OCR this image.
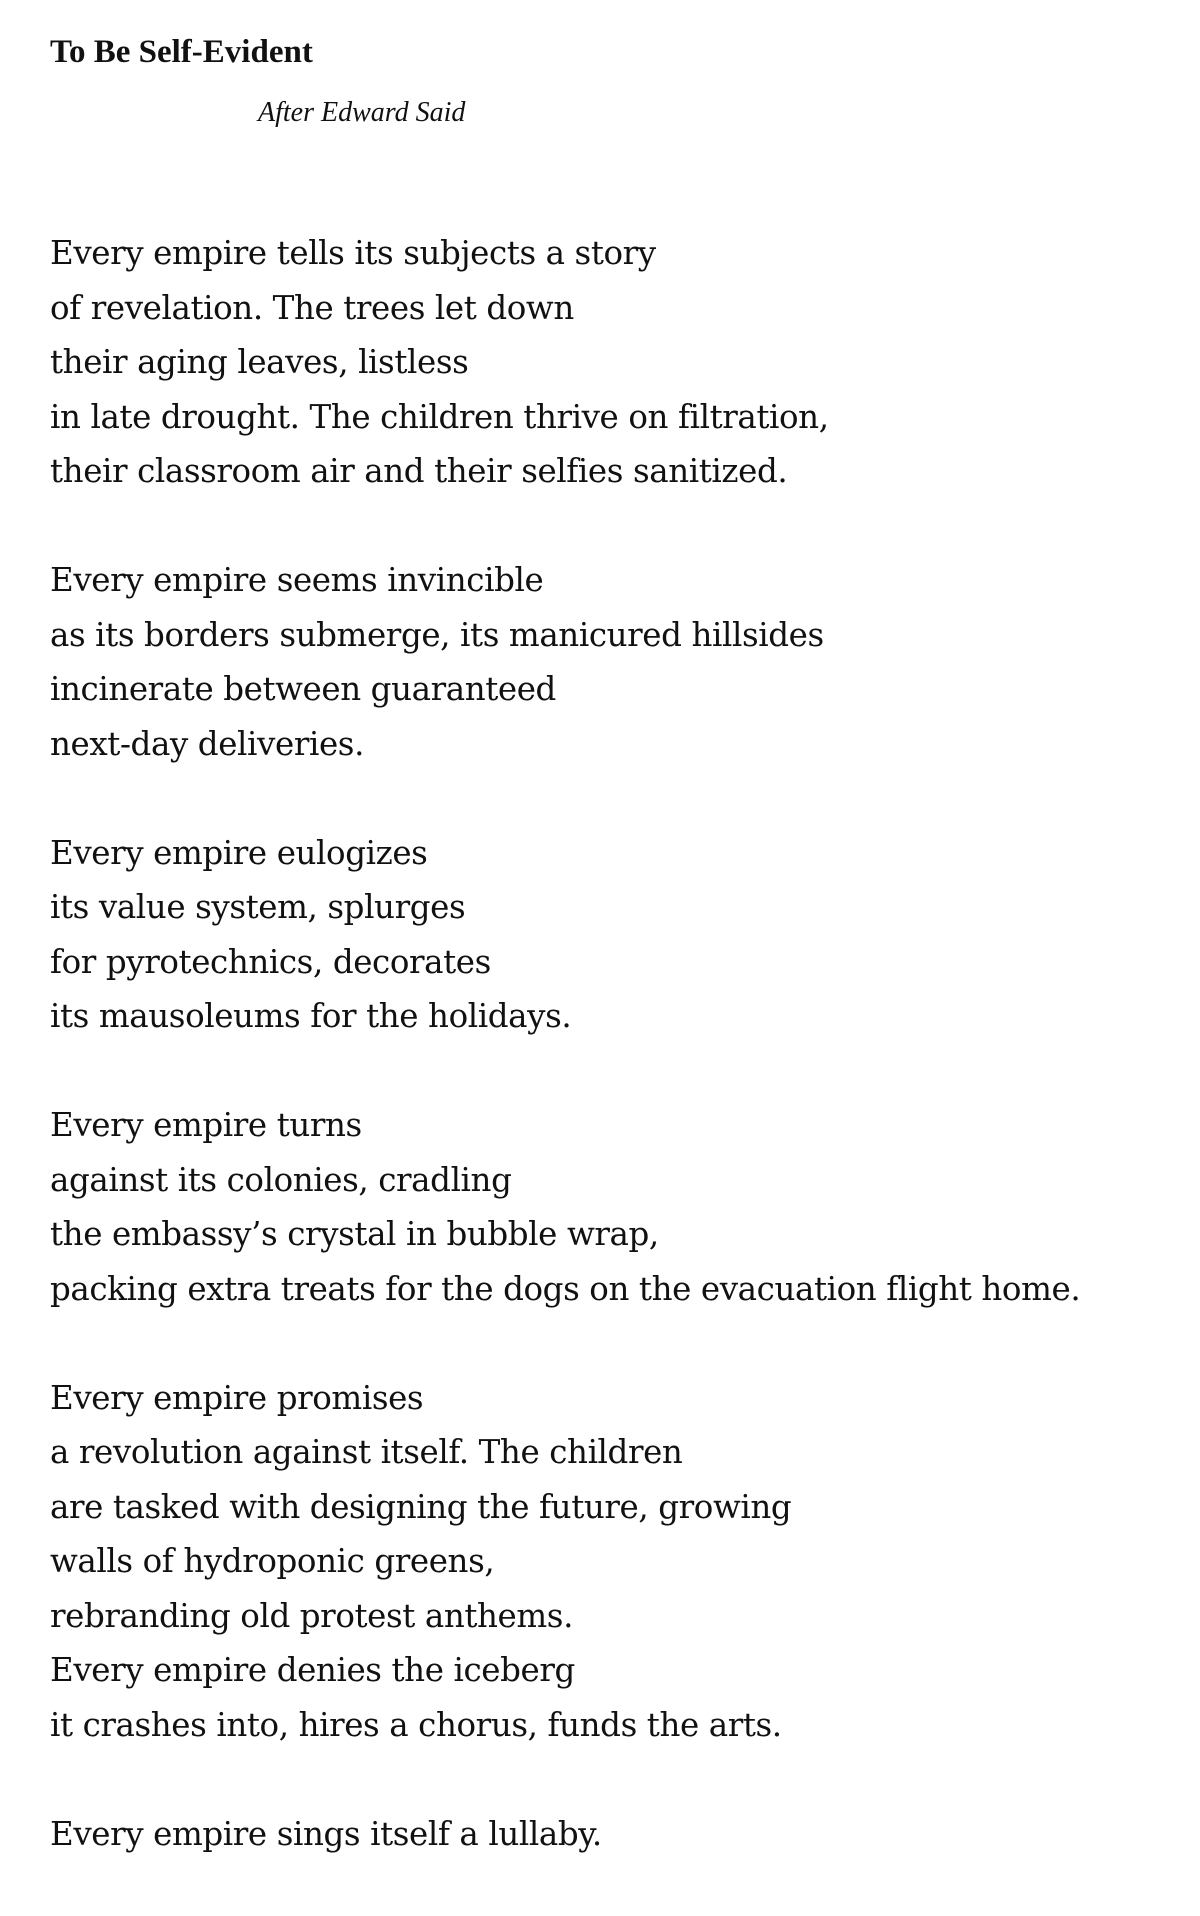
To Be Self-Evident

After Edward Said

Every empire tells its subjects a story
of revelation. The trees let down
their aging leaves, listless
in late drought. The children thrive on filtration,
their classroom air and their selfies sanitized.
Every empire seems invincible
as its borders submerge, its manicured hillsides
incinerate between guaranteed
next-day deliveries.
Every empire eulogizes
its value system, splurges
for pyrotechnics, decorates
its mausoleums for the holidays.
Every empire turns
against its colonies, cradling
the embassy’s crystal in bubble wrap,
packing extra treats for the dogs on the evacuation flight home.
Every empire promises
a revolution against itself. The children
are tasked with designing the future, growing
walls of hydroponic greens,
rebranding old protest anthems.
Every empire denies the iceberg
it crashes into, hires a chorus, funds the arts.
Every empire sings itself a lullaby.
